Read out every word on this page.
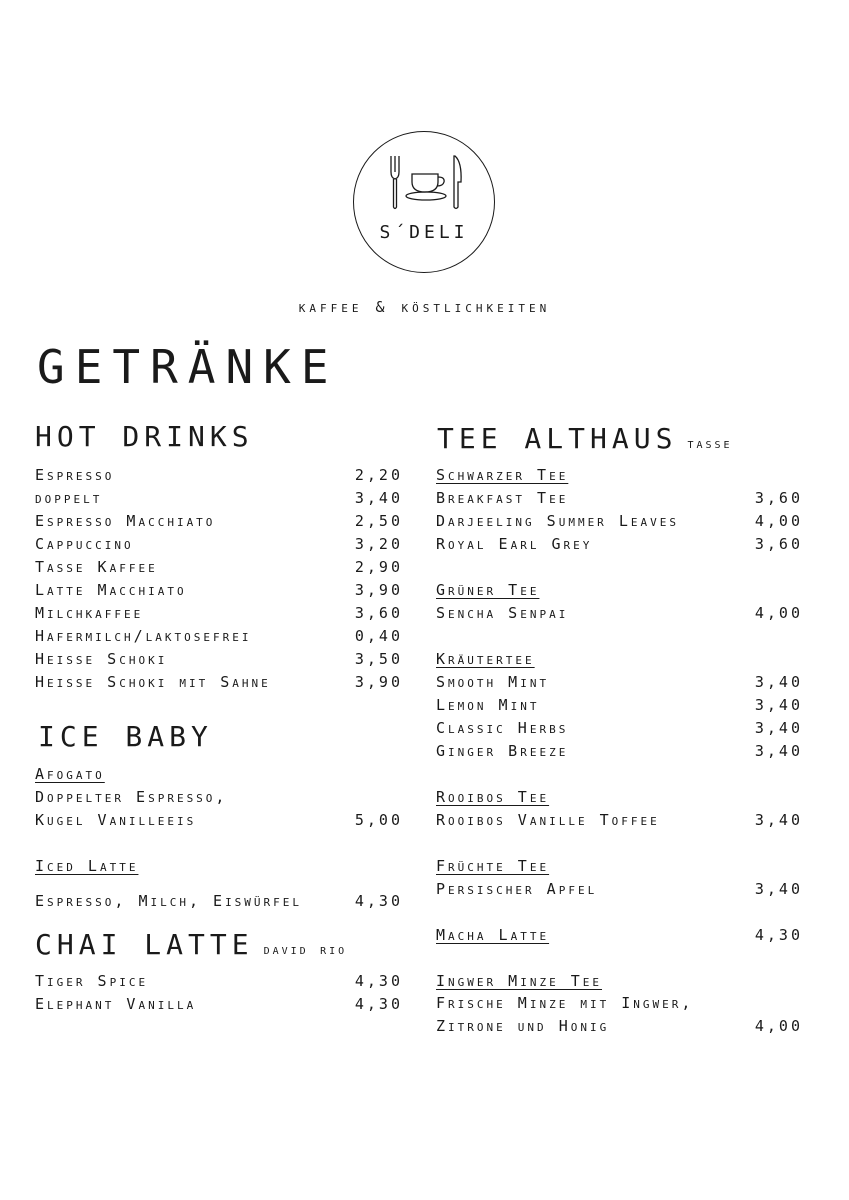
S´DELI
kaffee & köstlichkeiten
GETRÄNKE
HOT DRINKS
Espresso	2,20
doppelt	3,40
Espresso Macchiato	2,50
Cappuccino	3,20
Tasse Kaffee	2,90
Latte Macchiato	3,90
Milchkaffee	3,60
Hafermilch/laktosefrei	0,40
Heisse Schoki	3,50
Heisse Schoki mit Sahne	3,90
ICE BABY
Afogato
Doppelter Espresso,
Kugel Vanilleeis	5,00
Iced Latte
Espresso, Milch, Eiswürfel	4,30
CHAI LATTE david rio
Tiger Spice	4,30
Elephant Vanilla	4,30
TEE ALTHAUS tasse
Schwarzer Tee
Breakfast Tee	3,60
Darjeeling Summer Leaves	4,00
Royal Earl Grey	3,60
Grüner Tee
Sencha Senpai	4,00
Kräutertee
Smooth Mint	3,40
Lemon Mint	3,40
Classic Herbs	3,40
Ginger Breeze	3,40
Rooibos Tee
Rooibos Vanille Toffee	3,40
Früchte Tee
Persischer Apfel	3,40
Macha Latte	4,30
Ingwer Minze Tee
Frische Minze mit Ingwer,
Zitrone und Honig	4,00
